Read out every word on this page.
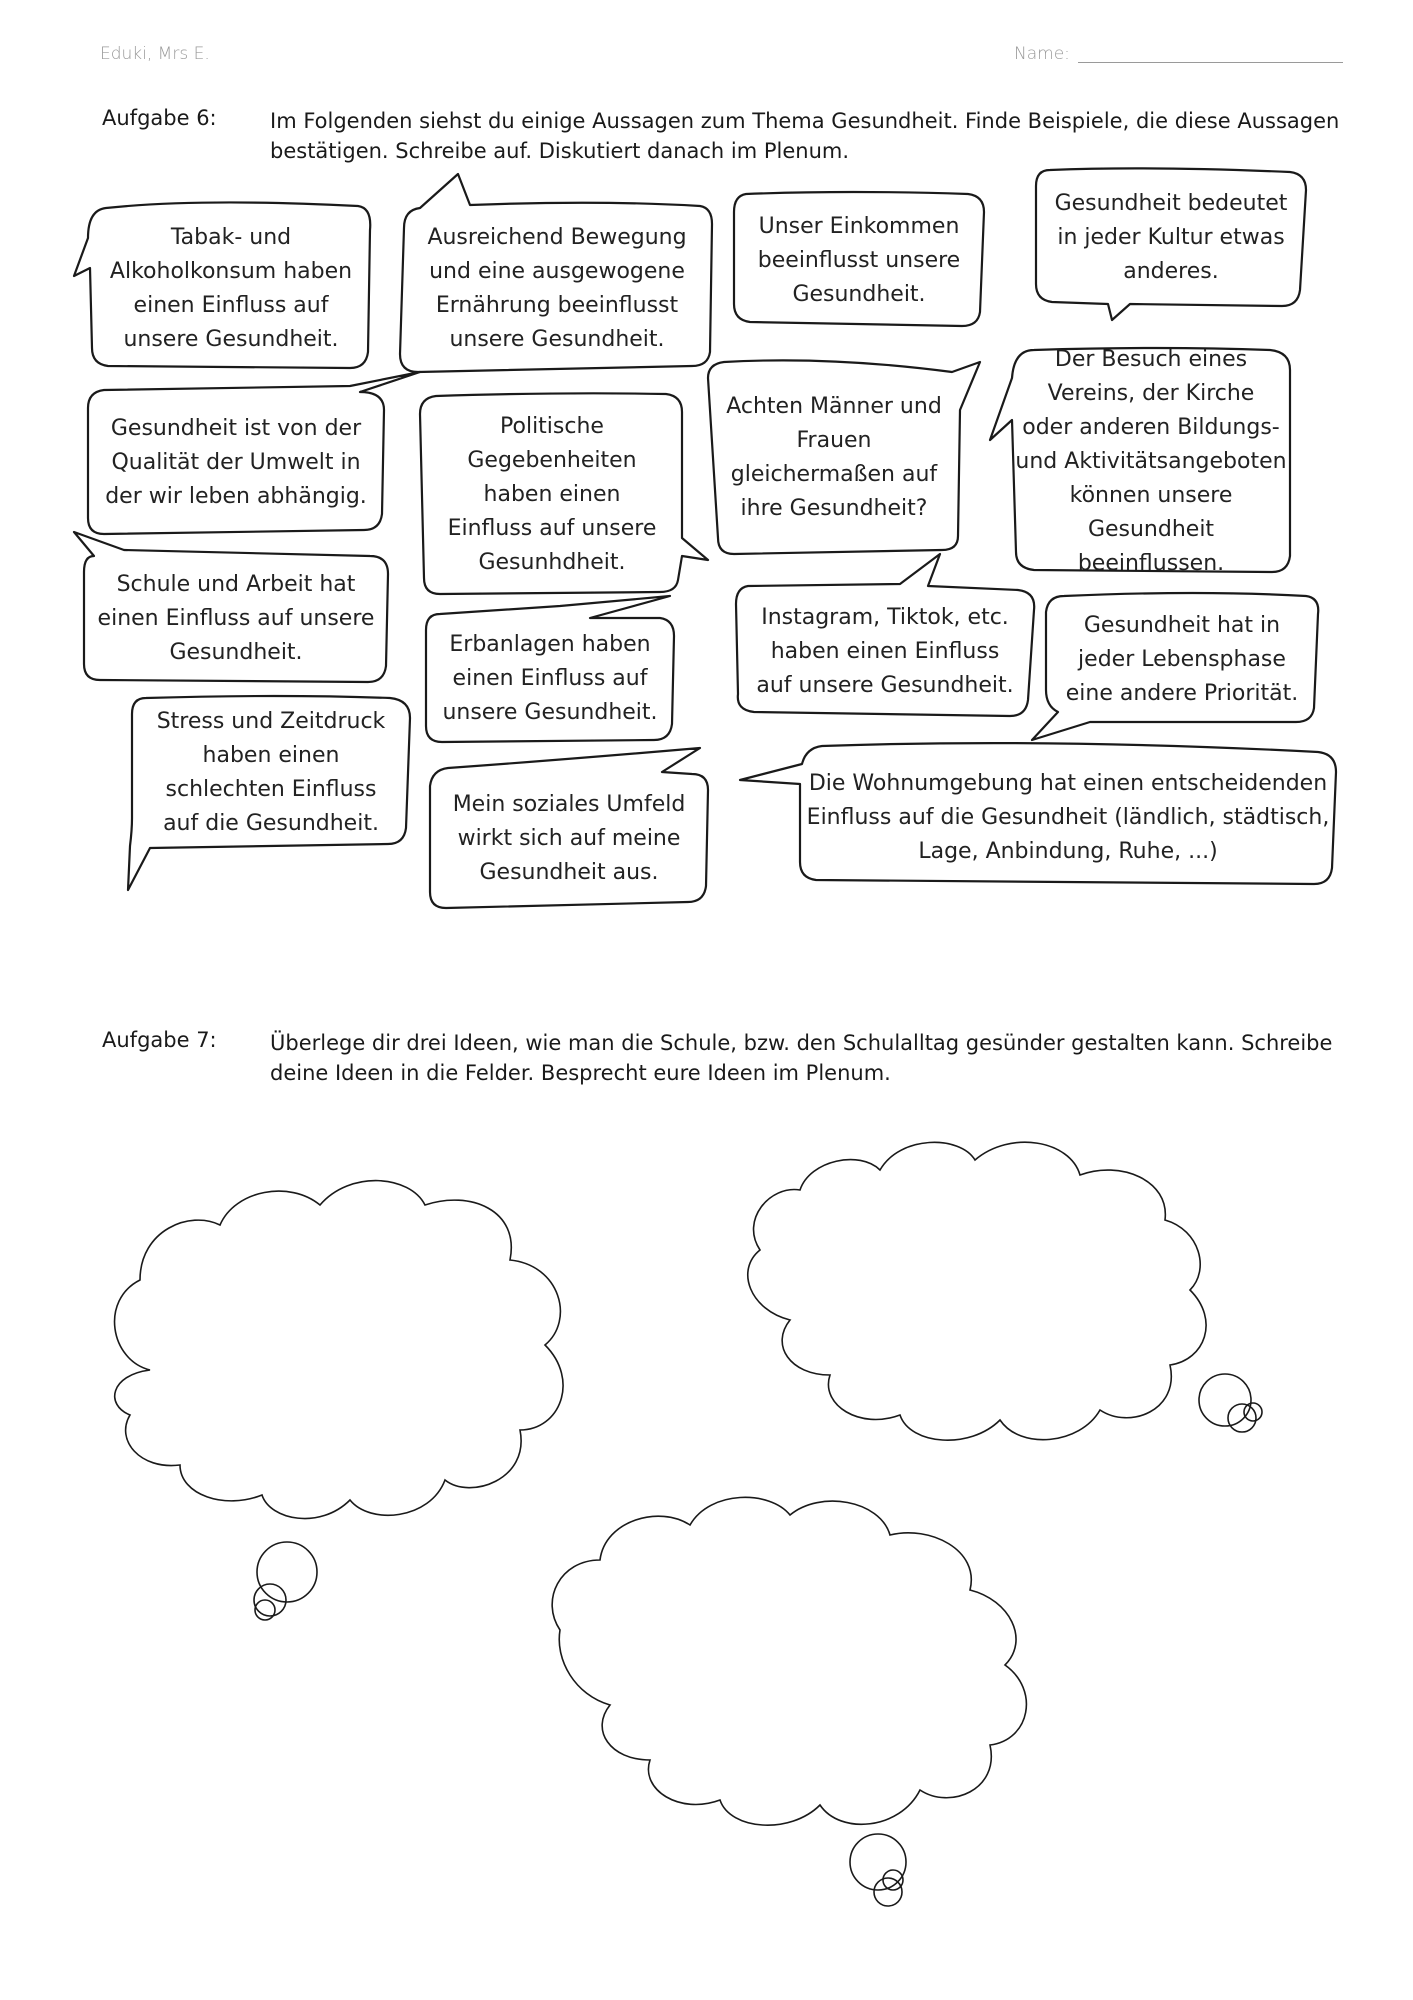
Eduki, Mrs E.	Name:
Aufgabe 6:	Im Folgenden siehst du einige Aussagen zum Thema Gesundheit. Finde Beispiele, die diese Aussagen bestätigen. Schreibe auf. Diskutiert danach im Plenum.
Tabak- und
Alkoholkonsum haben
einen Einfluss auf
unsere Gesundheit.
Ausreichend Bewegung
und eine ausgewogene
Ernährung beeinflusst
unsere Gesundheit.
Unser Einkommen
beeinflusst unsere
Gesundheit.
Gesundheit bedeutet
in jeder Kultur etwas
anderes.
Gesundheit ist von der
Qualität der Umwelt in
der wir leben abhängig.
Politische
Gegebenheiten
haben einen
Einfluss auf unsere
Gesunhdheit.
Achten Männer und
Frauen
gleichermaßen auf
ihre Gesundheit?
Der Besuch eines
Vereins, der Kirche
oder anderen Bildungs-
und Aktivitätsangeboten
können unsere
Gesundheit beeinflussen.
Schule und Arbeit hat
einen Einfluss auf unsere
Gesundheit.	Erbanlagen haben
einen Einfluss auf
unsere Gesundheit.
Instagram, Tiktok, etc.
haben einen Einfluss
auf unsere Gesundheit.
Gesundheit hat in
jeder Lebensphase
eine andere Priorität.
Stress und Zeitdruck
haben einen
schlechten Einfluss
auf die Gesundheit.
Mein soziales Umfeld
wirkt sich auf meine
Gesundheit aus.
Die Wohnumgebung hat einen entscheidenden
Einfluss auf die Gesundheit (ländlich, städtisch,
Lage, Anbindung, Ruhe, ...)
Aufgabe 7:	Überlege dir drei Ideen, wie man die Schule, bzw. den Schulalltag gesünder gestalten kann. Schreibe deine Ideen in die Felder. Besprecht eure Ideen im Plenum.
